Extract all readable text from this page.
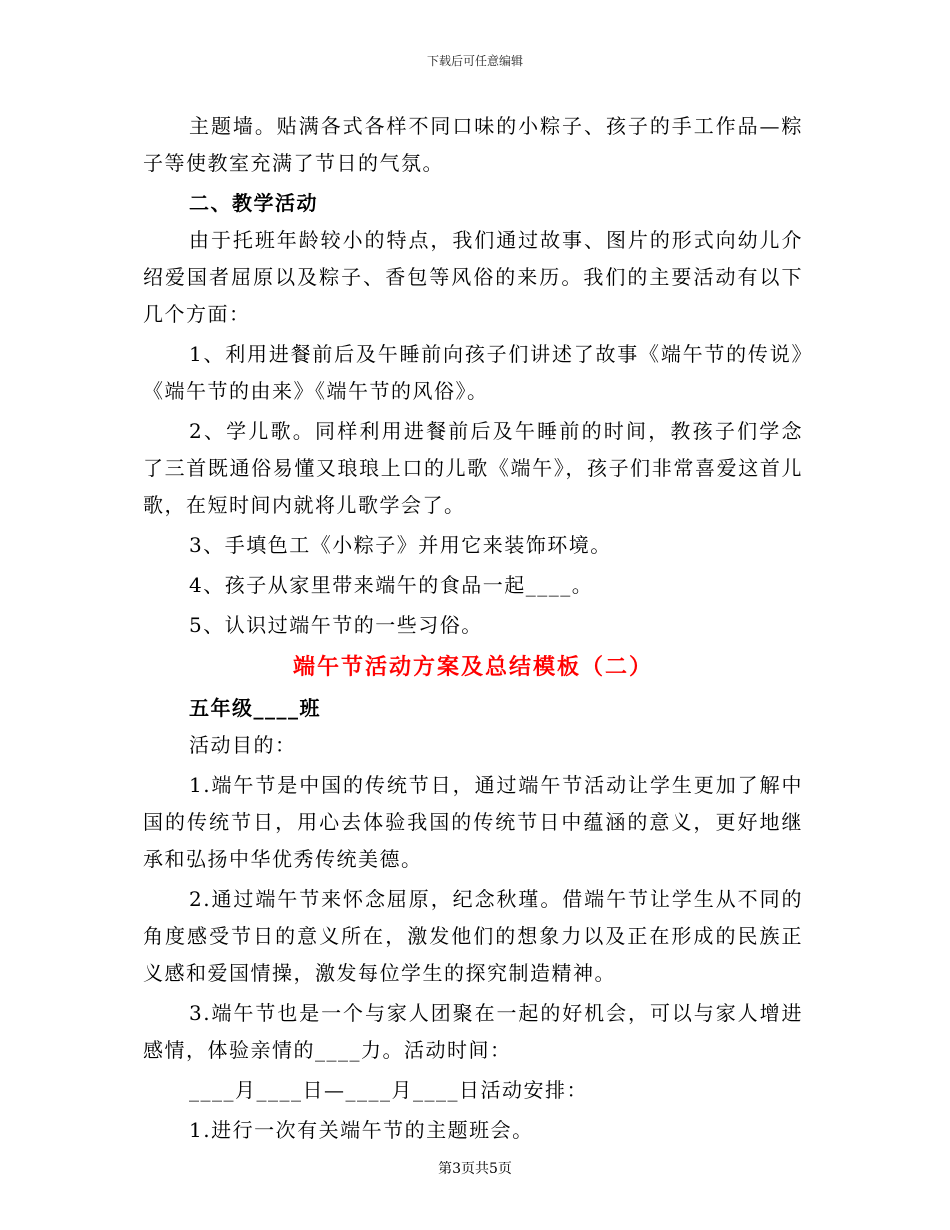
下载后可任意编辑

主题墙。贴满各式各样不同口味的小粽子、孩子的手工作品—粽子等使教室充满了节日的气氛。

二、教学活动

由于托班年龄较小的特点，我们通过故事、图片的形式向幼儿介绍爱国者屈原以及粽子、香包等风俗的来历。我们的主要活动有以下几个方面：

1、利用进餐前后及午睡前向孩子们讲述了故事《端午节的传说》《端午节的由来》《端午节的风俗》。

2、学儿歌。同样利用进餐前后及午睡前的时间，教孩子们学念了三首既通俗易懂又琅琅上口的儿歌《端午》，孩子们非常喜爱这首儿歌，在短时间内就将儿歌学会了。

3、手填色工《小粽子》并用它来装饰环境。

4、孩子从家里带来端午的食品一起____。

5、认识过端午节的一些习俗。

端午节活动方案及总结模板（二）

五年级____班

活动目的：

1.端午节是中国的传统节日，通过端午节活动让学生更加了解中国的传统节日，用心去体验我国的传统节日中蕴涵的意义，更好地继承和弘扬中华优秀传统美德。

2.通过端午节来怀念屈原，纪念秋瑾。借端午节让学生从不同的角度感受节日的意义所在，激发他们的想象力以及正在形成的民族正义感和爱国情操，激发每位学生的探究制造精神。

3.端午节也是一个与家人团聚在一起的好机会，可以与家人增进感情，体验亲情的____力。活动时间：

____月____日—____月____日活动安排：

1.进行一次有关端午节的主题班会。

第3页共5页
